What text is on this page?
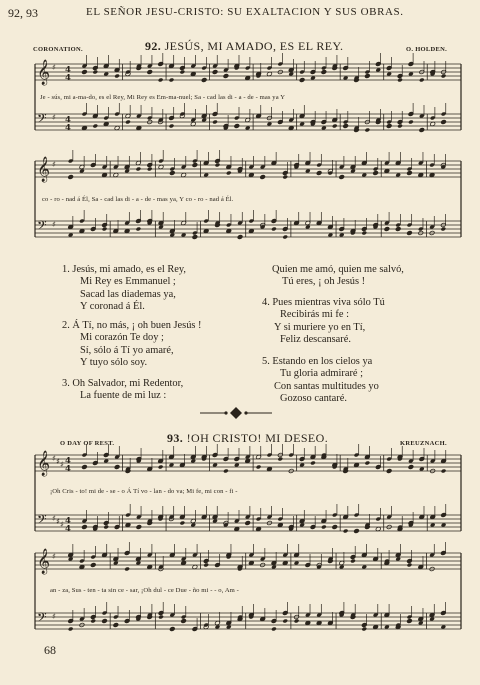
92, 93	EL SEÑOR JESU-CRISTO: SU EXALTACION Y SUS OBRAS.
CORONATION.	92. JESÚS, MI AMADO, ES EL REY.	O. HOLDEN.
𝄞 ♯ 4
4
𝄢 ♯ 4
4
Je - sús, mi a-ma-do, es el Rey, Mi Rey es Em-ma-nuel; Sa - cad las di - a - de - mas ya Y
𝄞 ♯
𝄢 ♯
co - ro - nad á Él, Sa - cad las di - a - de - mas ya, Y co - ro - nad á Él.
1. Jesús, mi amado, es el Rey,
Mi Rey es Emmanuel ;
Sacad las diademas ya,
Y coronad á Él.
2. Á Tí, no más, ¡ oh buen Jesús !
Mi corazón Te doy ;
Sí, sólo á Tí yo amaré,
Y tuyo sólo soy.
3. Oh Salvador, mi Redentor,
La fuente de mi luz :
Quien me amó, quien me salvó,
Tú eres, ¡ oh Jesús !
4. Pues mientras viva sólo Tú
Recibirás mi fe :
Y si muriere yo en Tí,
Feliz descansaré.
5. Estando en los cielos ya
Tu gloria admiraré ;
Con santas multitudes yo
Gozoso cantaré.
O DAY OF REST.	93. !OH CRISTO! MI DESEO.	KREUZNACH.
𝄞 ♯ ♯ ♯ 4
4
𝄢 ♯ ♯ ♯ 4
4
¡Oh Cris - to! mi de - se - o Á Tí vo - lan - do va; Mi fe, mi con - fi -
𝄞 ♯
𝄢 ♯
an - za, Sus - ten - ta sin ce - sar, ¡Oh dul - ce Due - ño mi - - o, Am -
68
